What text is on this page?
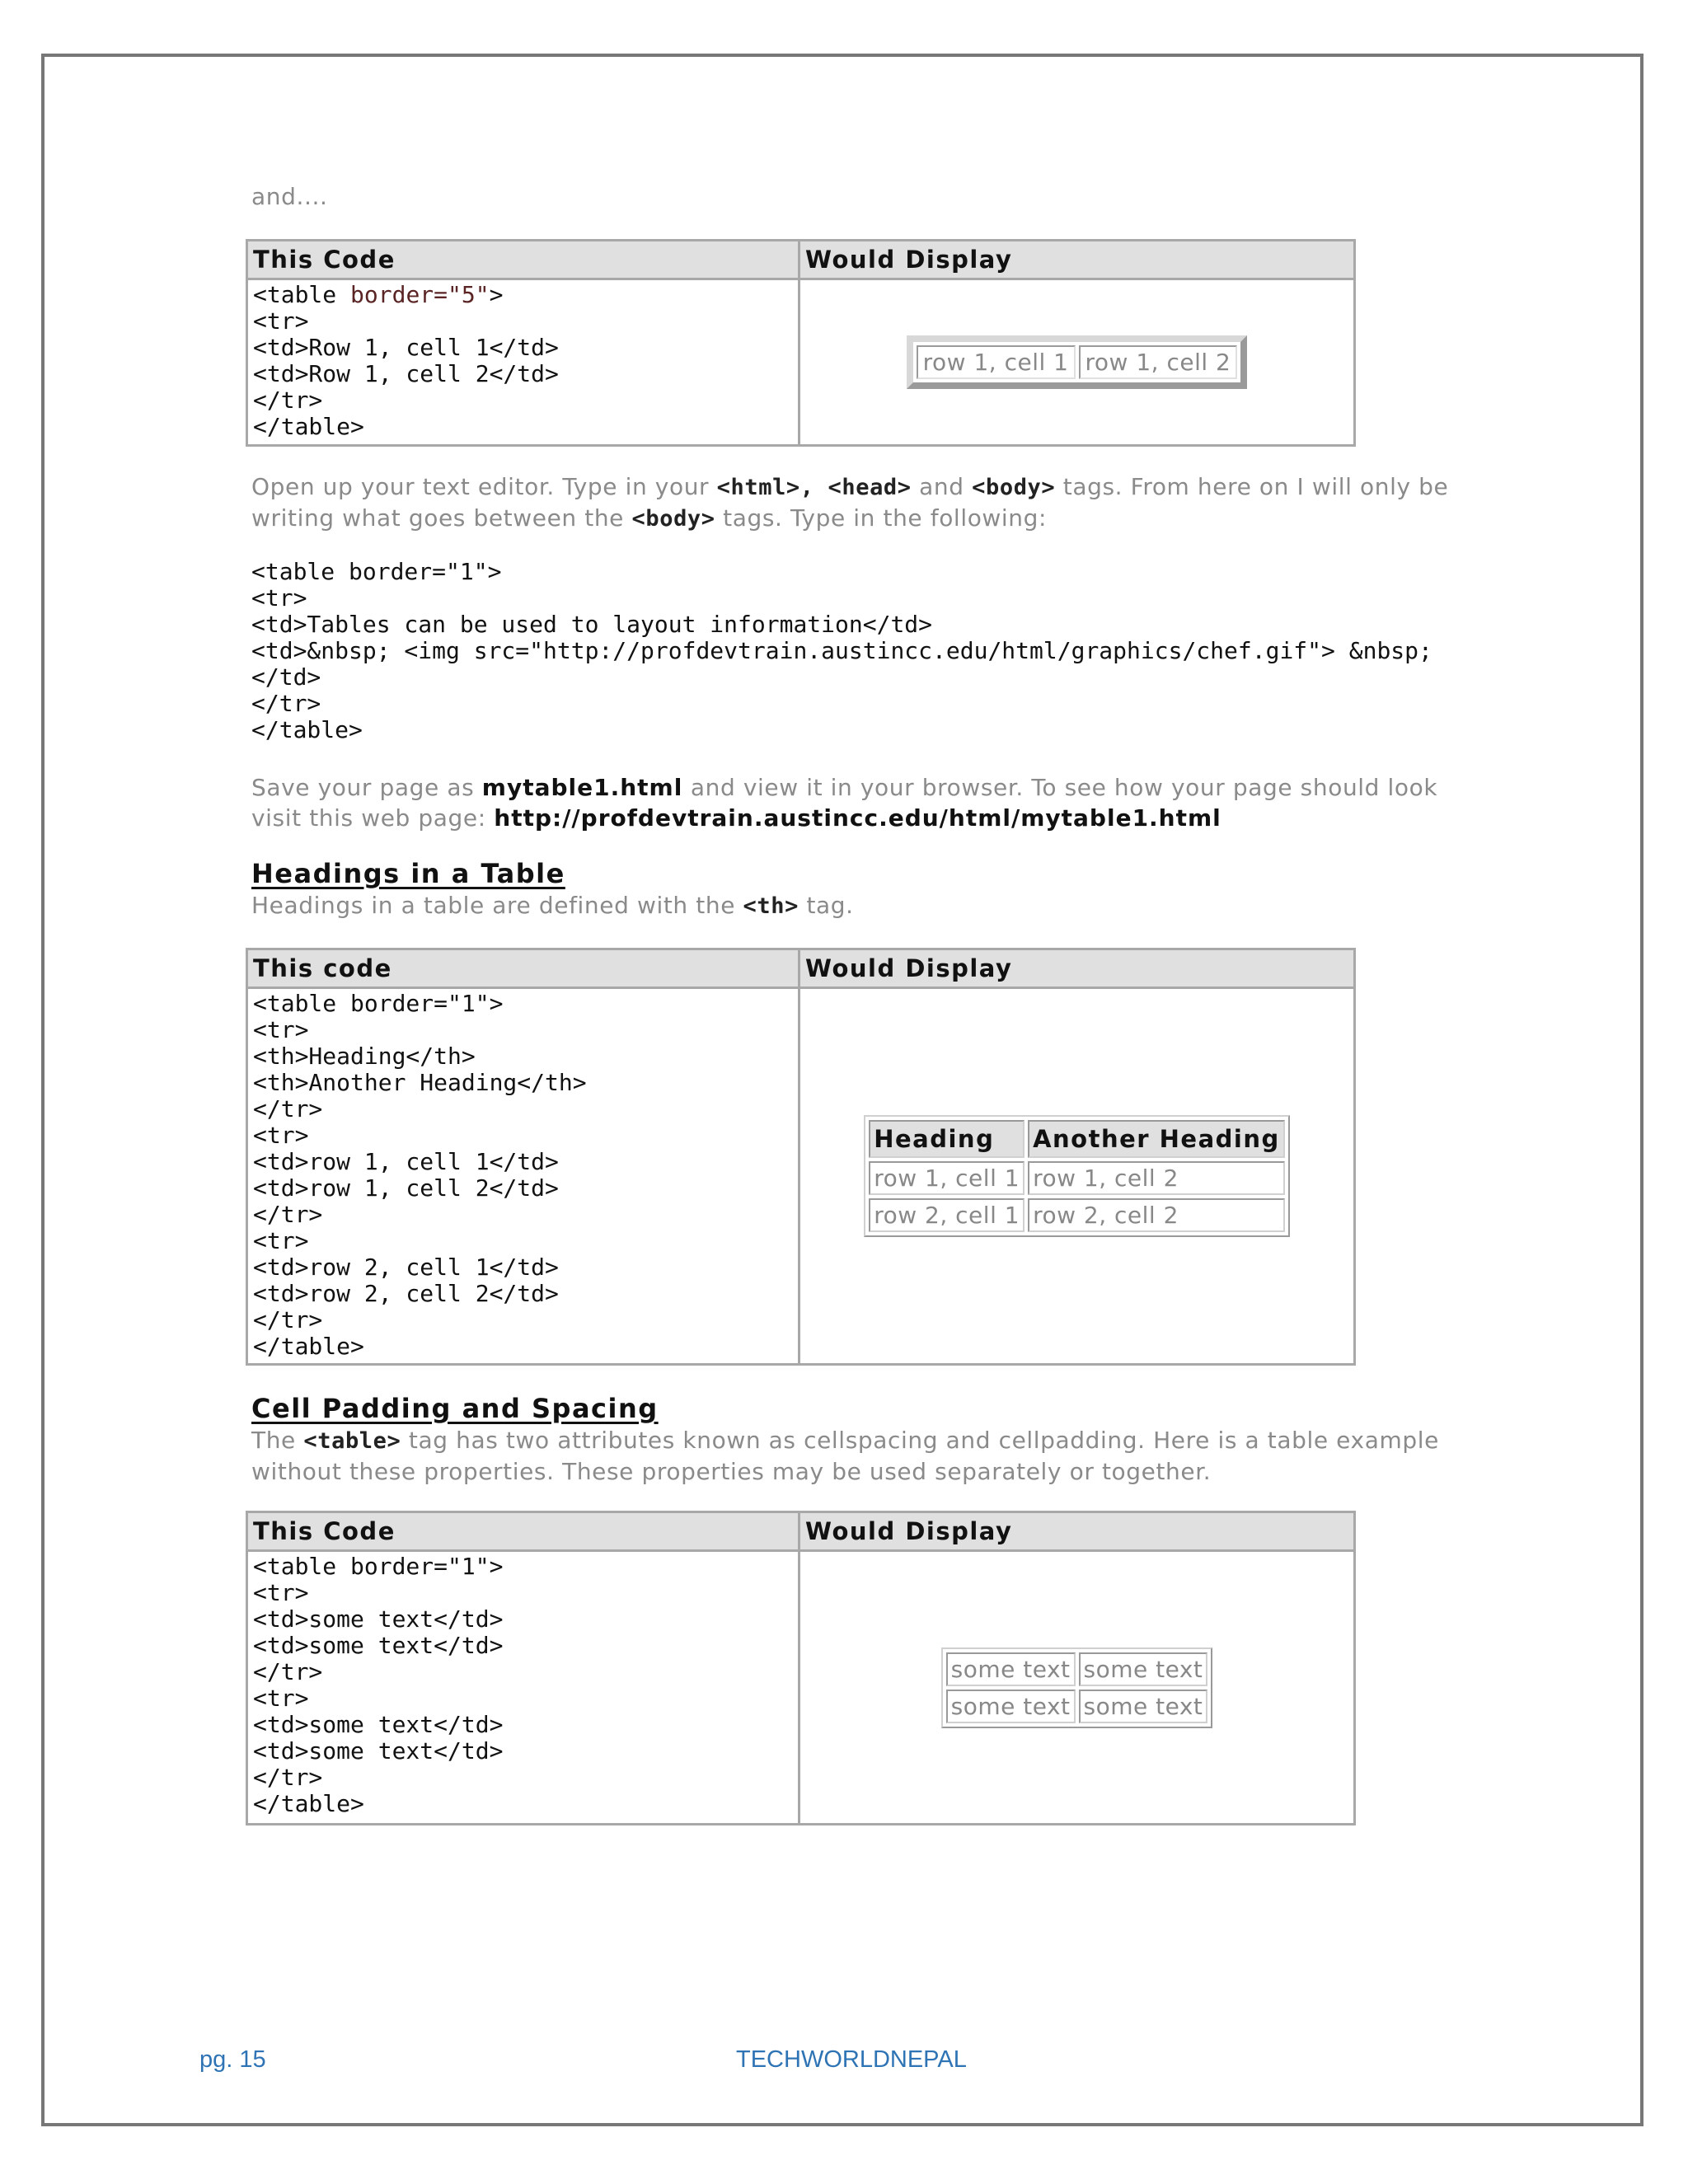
and....

This Code	Would Display
<table border="5">
<tr>
<td>Row 1, cell 1</td>
<td>Row 1, cell 2</td>
</tr>
</table>	row 1, cell 1	row 1, cell 2

Open up your text editor. Type in your <html>, <head> and <body> tags. From here on I will only be writing what goes between the <body> tags. Type in the following:

<table border="1">
<tr>
<td>Tables can be used to layout information</td>
<td>&nbsp; <img src="http://profdevtrain.austincc.edu/html/graphics/chef.gif"> &nbsp;
</td>
</tr>
</table>

Save your page as mytable1.html and view it in your browser. To see how your page should look visit this web page: http://profdevtrain.austincc.edu/html/mytable1.html

Headings in a Table

Headings in a table are defined with the <th> tag.

This code	Would Display
<table border="1">
<tr>
<th>Heading</th>
<th>Another Heading</th>
</tr>
<tr>
<td>row 1, cell 1</td>
<td>row 1, cell 2</td>
</tr>
<tr>
<td>row 2, cell 1</td>
<td>row 2, cell 2</td>
</tr>
</table>	Heading	Another Heading
row 1, cell 1	row 1, cell 2
row 2, cell 1	row 2, cell 2
Cell Padding and Spacing

The <table> tag has two attributes known as cellspacing and cellpadding. Here is a table example without these properties. These properties may be used separately or together.

This Code	Would Display
<table border="1">
<tr>
<td>some text</td>
<td>some text</td>
</tr>
<tr>
<td>some text</td>
<td>some text</td>
</tr>
</table>	some text	some text
some text	some text

pg. 15	TECHWORLDNEPAL
